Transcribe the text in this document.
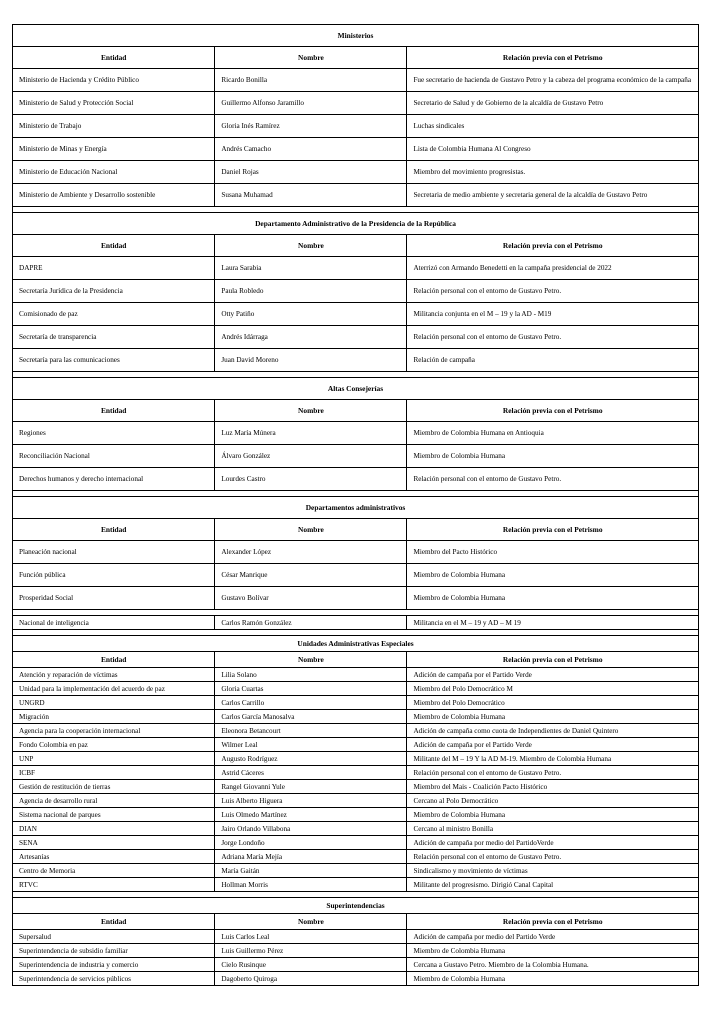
Ministerios		
Entidad	Nombre	Relación previa con el Petrismo
Ministerio de Hacienda y Crédito Público	Ricardo Bonilla	Fue secretario de hacienda de Gustavo Petro y la cabeza del programa económico de la campaña
Ministerio de Salud y Protección Social	Guillermo Alfonso Jaramillo	Secretario de Salud y de Gobierno de la alcaldía de Gustavo Petro
Ministerio de Trabajo	Gloria Inés Ramírez	Luchas sindicales
Ministerio de Minas y Energía	Andrés Camacho	Lista de Colombia Humana Al Congreso
Ministerio de Educación Nacional	Daniel Rojas	Miembro del movimiento progresistas.
Ministerio de Ambiente y Desarrollo sostenible	Susana Muhamad	Secretaria de medio ambiente y secretaria general de la alcaldía de Gustavo Petro

Departamento Administrativo de la Presidencia de la República		
Entidad	Nombre	Relación previa con el Petrismo
DAPRE	Laura Sarabia	Aterrizó con Armando Benedetti en la campaña presidencial de 2022
Secretaría Jurídica de la Presidencia	Paula Robledo	Relación personal con el entorno de Gustavo Petro.
Comisionado de paz	Otty Patiño	Militancia conjunta en el M – 19 y la AD - M19
Secretaría de transparencia	Andrés Idárraga	Relación personal con el entorno de Gustavo Petro.
Secretaría para las comunicaciones	Juan David Moreno	Relación de campaña

Altas Consejerías		
Entidad	Nombre	Relación previa con el Petrismo
Regiones	Luz María Múnera	Miembro de Colombia Humana en Antioquia
Reconciliación Nacional	Álvaro González	Miembro de Colombia Humana
Derechos humanos y derecho internacional	Lourdes Castro	Relación personal con el entorno de Gustavo Petro.

Departamentos administrativos		
Entidad	Nombre	Relación previa con el Petrismo
Planeación nacional	Alexander López	Miembro del Pacto Histórico
Función pública	César Manrique	Miembro de Colombia Humana
Prosperidad Social	Gustavo Bolívar	Miembro de Colombia Humana

Nacional de inteligencia	Carlos Ramón González	Militancia en el M – 19 y AD – M 19

Unidades Administrativas Especiales		
Entidad	Nombre	Relación previa con el Petrismo
Atención y reparación de víctimas	Lilia Solano	Adición de campaña por el Partido Verde
Unidad para la implementación del acuerdo de paz	Gloria Cuartas	Miembro del Polo Democrático M
UNGRD	Carlos Carrillo	Miembro del Polo Democrático
Migración	Carlos García Manosalva	Miembro de Colombia Humana
Agencia para la cooperación internacional	Eleonora Betancourt	Adición de campaña como cuota de Independientes de Daniel Quintero
Fondo Colombia en paz	Wilmer Leal	Adición de campaña por el Partido Verde
UNP	Augusto Rodríguez	Militante del M – 19 Y la AD M-19. Miembro de Colombia Humana
ICBF	Astrid Cáceres	Relación personal con el entorno de Gustavo Petro.
Gestión de restitución de tierras	Rangel Giovanni Yule	Miembro del Mais - Coalición Pacto Histórico
Agencia de desarrollo rural	Luis Alberto Higuera	Cercano al Polo Democrático
Sistema nacional de parques	Luis Olmedo Martínez	Miembro de Colombia Humana
DIAN	Jairo Orlando Villabona	Cercano al ministro Bonilla
SENA	Jorge Londoño	Adición de campaña por medio del PartidoVerde
Artesanías	Adriana María Mejía	Relación personal con el entorno de Gustavo Petro.
Centro de Memoria	María Gaitán	Sindicalismo y movimiento de víctimas
RTVC	Hollman Morris	Militante del progresismo. Dirigió Canal Capital

Superintendencias		
Entidad	Nombre	Relación previa con el Petrismo
Supersalud	Luis Carlos Leal	Adición de campaña por medio del Partido Verde
Superintendencia de subsidio familiar	Luis Guillermo Pérez	Miembro de Colombia Humana
Superintendencia de industria y comercio	Cielo Rusinque	Cercana a Gustavo Petro. Miembro de la Colombia Humana.
Superintendencia de servicios públicos	Dagoberto Quiroga	Miembro de Colombia Humana
